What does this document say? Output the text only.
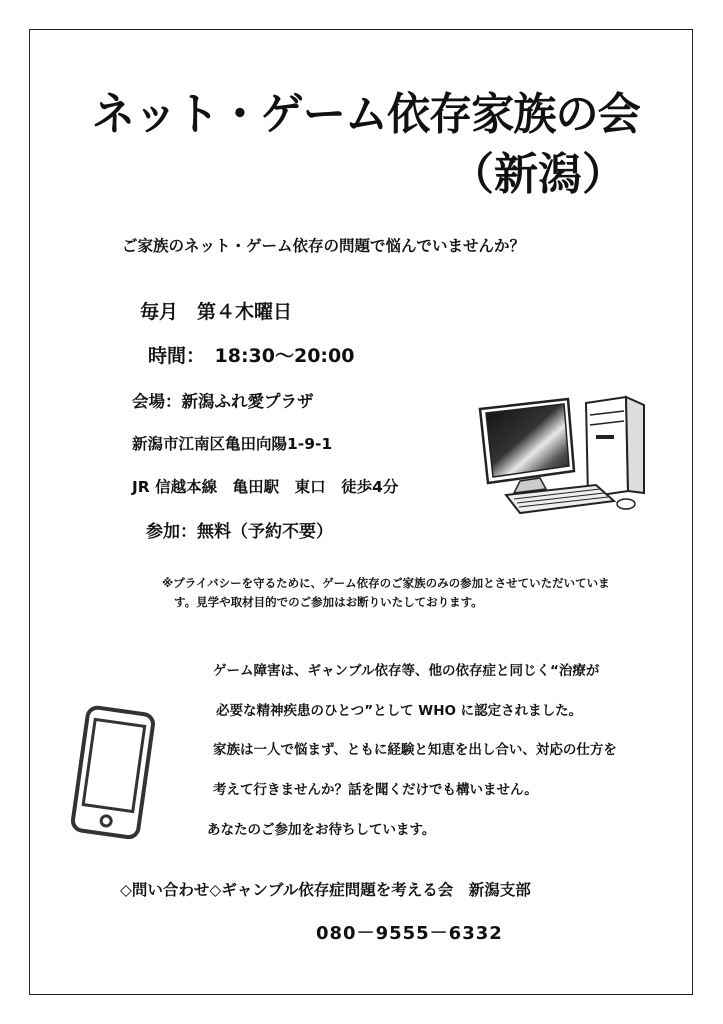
ネット・ゲーム依存家族の会
（新潟）
ご家族のネット・ゲーム依存の問題で悩んでいませんか？
毎月　第４木曜日
時間：　18:30～20:00
会場：新潟ふれ愛プラザ
新潟市江南区亀田向陽1-9-1
JR 信越本線　亀田駅　東口　徒歩4分
参加：無料（予約不要）
※プライバシーを守るために、ゲーム依存のご家族のみの参加とさせていただいていま
す。見学や取材目的でのご参加はお断りいたしております。
ゲーム障害は、ギャンブル依存等、他の依存症と同じく“治療が
必要な精神疾患のひとつ”として WHO に認定されました。
家族は一人で悩まず、ともに経験と知恵を出し合い、対応の仕方を
考えて行きませんか？話を聞くだけでも構いません。
あなたのご参加をお待ちしています。
◇問い合わせ◇ギャンブル依存症問題を考える会　新潟支部
080－9555－6332
